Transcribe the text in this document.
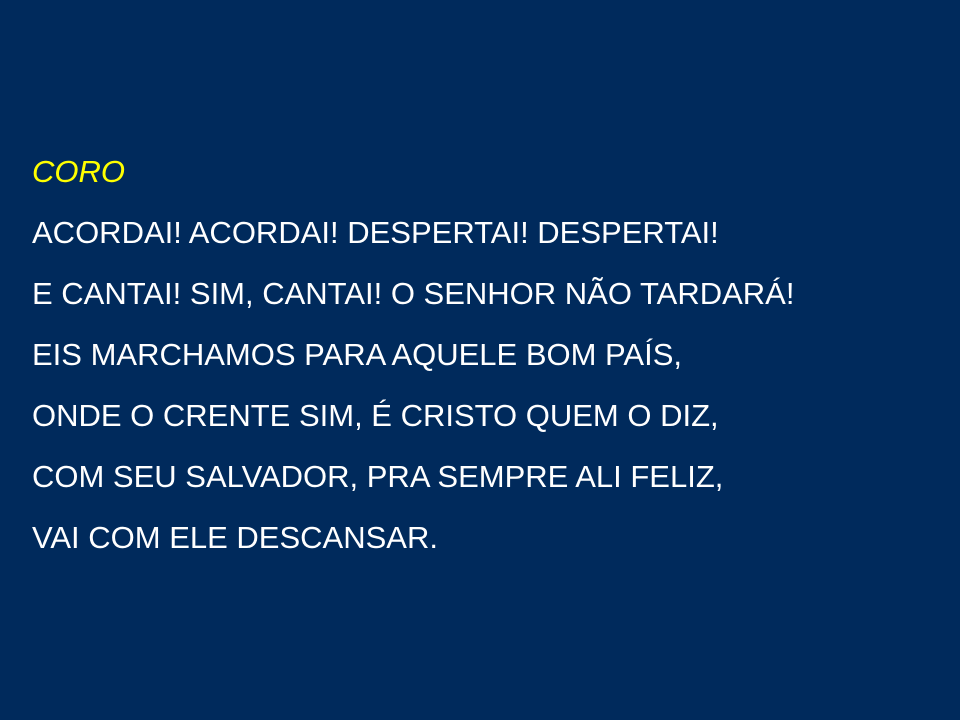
CORO

ACORDAI! ACORDAI! DESPERTAI! DESPERTAI!
E CANTAI! SIM, CANTAI! O SENHOR NÃO TARDARÁ!
EIS MARCHAMOS PARA AQUELE BOM PAÍS,
ONDE O CRENTE SIM, É CRISTO QUEM O DIZ,
COM SEU SALVADOR, PRA SEMPRE ALI FELIZ,
VAI COM ELE DESCANSAR.
